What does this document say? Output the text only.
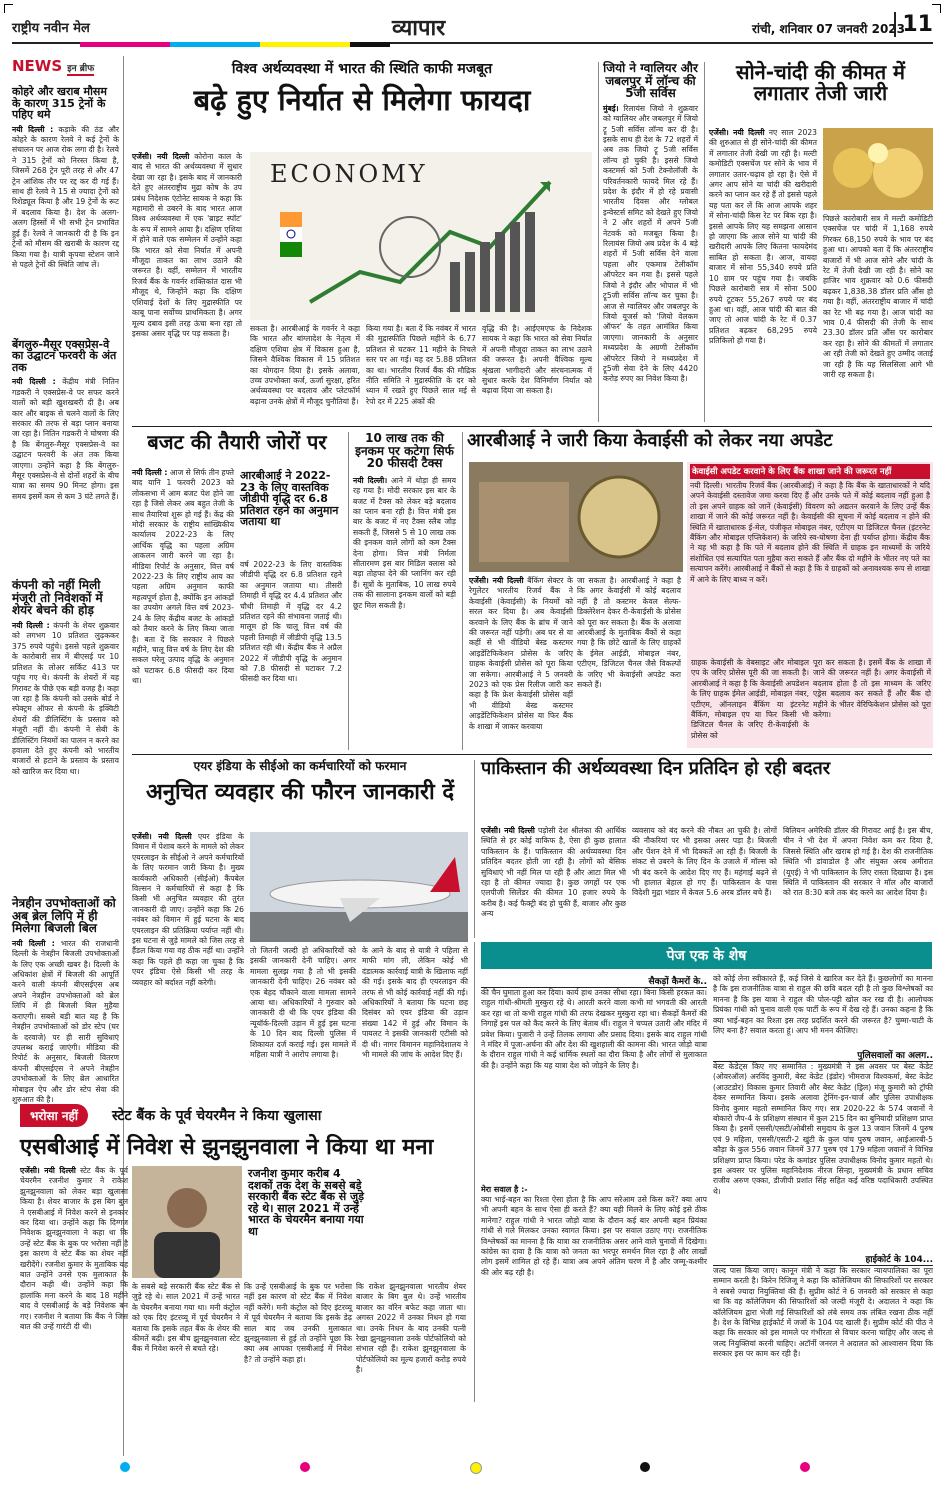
राष्ट्रीय नवीन मेल	व्यापार	रांची, शनिवार 07 जनवरी 2023
11
NEWS इन ब्रीफ
कोहरे और खराब मौसम के कारण 315 ट्रेनों के पहिए थमे
नयी दिल्ली : कड़ाके की ठंड और कोहरे के कारण रेलवे ने कई ट्रेनों के संचालन पर आज रोक लगा दी है। रेलवे ने 315 ट्रेनों को निरस्त किया है, जिसमें 268 ट्रेन पूरी तरह से और 47 ट्रेन आंशिक तौर पर रद्द कर दी गई हैं। साथ ही रेलवे ने 15 से ज्यादा ट्रेनों को रिशेड्यूल किया है और 19 ट्रेनों के रूट में बदलाव किया है। देश के अलग-अलग हिस्सों में भी सभी ट्रेन प्रभावित हुई हैं। रेलवे ने जानकारी दी है कि इन ट्रेनों को मौसम की खराबी के कारण रद्द किया गया है। यात्री कृपया स्टेशन जाने से पहले ट्रेनों की स्थिति जांच लें।
बेंगलुरु-मैसूर एक्सप्रेस-वे का उद्घाटन फरवरी के अंत तक
नयी दिल्ली : केंद्रीय मंत्री नितिन गडकरी ने एक्सप्रेस-वे पर सफर करने वालों को बड़ी खुशखबरी दी है। अब कार और बाइक से चलने वालों के लिए सरकार की तरफ से बड़ा प्लान बनाया जा रहा है। नितिन गडकरी ने घोषणा की है कि बेंगलुरु-मैसूर एक्सप्रेस-वे का उद्घाटन फरवरी के अंत तक किया जाएगा। उन्होंने कहा है कि बेंगलुरु-मैसूर एक्सप्रेस-वे से दोनों शहरों के बीच यात्रा का समय 90 मिनट होगा। इस समय इसमें कम से कम 3 घंटे लगते हैं।
कंपनी को नहीं मिली मंजूरी तो निवेशकों में शेयर बेचने की होड़
नयी दिल्ली : कंपनी के शेयर शुक्रवार को लगभग 10 प्रतिशत लुढ़ककर 375 रुपये पहुंचे। इससे पहले शुक्रवार के कारोबारी सत्र में बीएसई पर 10 प्रतिशत के लोअर सर्किट 413 पर पहुंच गए थे। कंपनी के शेयरों में यह गिरावट के पीछे एक बड़ी वजह है। कहा जा रहा है कि कंपनी को उसके बोर्ड ने स्पेक्ट्रम ऑफर से कंपनी के इक्विटी शेयरों की डीलिस्टिंग के प्रस्ताव को मंजूरी नहीं दी। कंपनी ने सेबी के डीलिस्टिंग नियमों का पालन न करने का हवाला देते हुए कंपनी को भारतीय बाजारों से हटाने के प्रस्ताव के प्रस्ताव को खारिज कर दिया था।
नेत्रहीन उपभोक्ताओं को अब ब्रेल लिपि में ही मिलेगा बिजली बिल
नयी दिल्ली : भारत की राजधानी दिल्ली के नेत्रहीन बिजली उपभोक्ताओं के लिए एक अच्छी खबर है। दिल्ली के अधिकांश क्षेत्रों में बिजली की आपूर्ति करने वाली कंपनी बीएसईएस अब अपने नेत्रहीन उपभोक्ताओं को ब्रेल लिपि में ही बिजली बिल मुहैया कराएगी। सबसे बड़ी बात यह है कि नेत्रहीन उपभोक्ताओं को डोर स्टेप (घर के दरवाजे) पर ही सारी सुविधाएं उपलब्ध कराई जाएंगी। मीडिया की रिपोर्ट के अनुसार, बिजली वितरण कंपनी बीएसईएस ने अपने नेत्रहीन उपभोक्ताओं के लिए ब्रेल आधारित मोबाइल ऐप और डोर स्टेप सेवा की शुरुआत की है।
विश्व अर्थव्यवस्था में भारत की स्थिति काफी मजबूत
बढ़े हुए निर्यात से मिलेगा फायदा
एजेंसी। नयी दिल्ली कोरोना काल के बाद से भारत की अर्थव्यवस्था में सुधार देखा जा रहा है। इसके बाद में जानकारी देते हुए अंतरराष्ट्रीय मुद्रा कोष के उप प्रबंध निदेशक एंटोनेट सायक ने कहा कि महामारी से उबरने के बाद भारत आज विश्व अर्थव्यवस्था में एक 'ब्राइट स्पॉट' के रूप में सामने आया है। दक्षिण एशिया में होने वाले एक सम्मेलन में उन्होंने कहा कि भारत को सेवा निर्यात में अपनी मौजूदा ताकत का लाभ उठाने की जरूरत है। वहीं, सम्मेलन में भारतीय रिजर्व बैंक के गवर्नर शक्तिकांत दास भी मौजूद थे, जिन्होंने कहा कि दक्षिण एशियाई देशों के लिए मुद्रास्फीति पर काबू पाना सर्वोच्च प्राथमिकता है। अगर मूल्य दबाव इसी तरह ऊंचा बना रहा तो इसका असर वृद्धि पर पड़ सकता है।
ECONOMY
सकता है। आरबीआई के गवर्नर ने कहा कि भारत और बांग्लादेश के नेतृत्व में दक्षिण एशिया क्षेत्र में विकास हुआ है, जिसने वैश्विक विकास में 15 प्रतिशत का योगदान दिया है। इसके अलावा, उच्च उपभोक्ता कर्ज, ऊर्जा सुरक्षा, हरित अर्थव्यवस्था पर बदलाव और प्लेटफॉर्म बढ़ाना उनके क्षेत्रों में मौजूद चुनौतियां हैं।
किया गया है। बता दें कि नवंबर में भारत की मुद्रास्फीति पिछले महीने के 6.77 प्रतिशत से घटकर 11 महीने के निचले स्तर पर आ गई। यह दर 5.88 प्रतिशत का था। भारतीय रिजर्व बैंक की मौद्रिक नीति समिति ने मुद्रास्फीति के दर को ध्यान में रखते हुए पिछले साल मई से रेपो दर में 225 अंकों की
वृद्धि की है। आईएमएफ के निदेशक सायक ने कहा कि भारत को सेवा निर्यात में अपनी मौजूदा ताकत का लाभ उठाने की जरूरत है। अपनी वैश्विक मूल्य श्रृंखला भागीदारी और संरचनात्मक में सुधार करके देश विनिर्माण निर्यात को बढ़ावा दिया जा सकता है।
जियो ने ग्वालियर और जबलपुर में लॉन्च की 5जी सर्विस
मुंबई। रिलायंस जियो ने शुक्रवार को ग्वालियर और जबलपुर में जियो ट्रू 5जी सर्विस लॉन्च कर दी है। इसके साथ ही देश के 72 शहरों में अब तक जियो ट्रू 5जी सर्विस लॉन्च हो चुकी है। इससे जियो कस्टमर्स को 5जी टेक्नोलॉजी के परिवर्तनकारी फायदे मिल रहे हैं। प्रदेश के इंदौर में हो रहे प्रवासी भारतीय दिवस और ग्लोबल इन्वेस्टर्स समिट को देखते हुए जियो ने 2 और शहरों में अपने 5जी नेटवर्क को मजबूत किया है। रिलायंस जियो अब प्रदेश के 4 बड़े शहरों में 5जी सर्विस देने वाला पहला और एकमात्र टेलीकॉम ऑपरेटर बन गया है। इससे पहले जियो ने इंदौर और भोपाल में भी ट्रू5जी सर्विस लॉन्च कर चुका है। आज से ग्वालियर और जबलपुर के जियो यूजर्स को 'जियो वेलकम ऑफर' के तहत आमंत्रित किया जाएगा। जानकारी के अनुसार मध्यप्रदेश के अग्रणी टेलीकॉम ऑपरेटर जियो ने मध्यप्रदेश में ट्रू5जी सेवा देने के लिए 4420 करोड़ रुपए का निवेश किया है।
सोने-चांदी की कीमत में लगातार तेजी जारी
एजेंसी। नयी दिल्ली नए साल 2023 की शुरुआत से ही सोने-चांदी की कीमत में लगातार तेजी देखी जा रही है। मल्टी कमोडिटी एक्सचेंज पर सोने के भाव में लगातार उतार-चढ़ाव हो रहा है। ऐसे में अगर आप सोने या चांदी की खरीदारी करने का प्लान कर रहे हैं तो इससे पहले यह पता कर लें कि आज आपके शहर में सोना-चांदी किस रेट पर बिक रहा है। इससे आपके लिए यह समझना आसान हो जाएगा कि आज सोने या चांदी की खरीदारी आपके लिए कितना फायदेमंद साबित हो सकता है। आज, वायदा बाजार में सोना 55,340 रुपये प्रति 10 ग्राम पर पहुंच गया है। जबकि पिछले कारोबारी सत्र में सोना 500 रुपये टूटकर 55,267 रुपये पर बंद हुआ था। वहीं, आज चांदी की बात की जाए तो आज चांदी के रेट में 0.37 प्रतिशत बढ़कर 68,295 रुपये प्रतिकिलो हो गया है।
पिछले कारोबारी सत्र में मल्टी कमोडिटी एक्सचेंज पर चांदी में 1,168 रुपये गिरकर 68,150 रुपये के भाव पर बंद हुआ था। आपको बता दें कि अंतरराष्ट्रीय बाजारों में भी आज सोने और चांदी के रेट में तेजी देखी जा रही है। सोने का हाजिर भाव शुक्रवार को 0.6 फीसदी बढ़कर 1,838.38 डॉलर प्रति औंस हो गया है। वहीं, अंतरराष्ट्रीय बाजार में चांदी का रेट भी बढ़ गया है। आज चांदी का भाव 0.4 फीसदी की तेजी के साथ 23.30 डॉलर प्रति औंस पर कारोबार कर रहा है। सोने की कीमतों में लगातार आ रही तेजी को देखते हुए उम्मीद जताई जा रही है कि यह सिलसिला आगे भी जारी रह सकता है।
बजट की तैयारी जोरों पर
नयी दिल्ली : आज से सिर्फ तीन हफ्ते बाद यानि 1 फरवरी 2023 को लोकसभा में आम बजट पेश होने जा रहा है जिसे लेकर अब बहुत तेजी के साथ तैयारियां शुरू हो गई हैं। केंद्र की मोदी सरकार के राष्ट्रीय सांख्यिकीय कार्यालय 2022-23 के लिए आर्थिक वृद्धि का पहला अग्रिम आकलन जारी करने जा रहा है। मीडिया रिपोर्ट के अनुसार, वित्त वर्ष 2022-23 के लिए राष्ट्रीय आय का पहला अग्रिम अनुमान काफी महत्वपूर्ण होता है, क्योंकि इन आंकड़ों का उपयोग अगले वित्त वर्ष 2023-24 के लिए केंद्रीय बजट के आंकड़ों को तैयार करने के लिए किया जाता है। बता दें कि सरकार ने पिछले महीने, चालू वित्त वर्ष के लिए देश की सकल घरेलू उत्पाद वृद्धि के अनुमान को घटाकर 6.8 फीसदी कर दिया था।
आरबीआई ने 2022-23 के लिए वास्तविक जीडीपी वृद्धि दर 6.8 प्रतिशत रहने का अनुमान जताया था
वर्ष 2022-23 के लिए वास्तविक जीडीपी वृद्धि दर 6.8 प्रतिशत रहने का अनुमान जताया था। तीसरी तिमाही में वृद्धि दर 4.4 प्रतिशत और चौथी तिमाही में वृद्धि दर 4.2 प्रतिशत रहने की संभावना जताई थी। मालूम हो कि चालू वित्त वर्ष की पहली तिमाही में जीडीपी वृद्धि 13.5 प्रतिशत रही थी। केंद्रीय बैंक ने अप्रैल 2022 में जीडीपी वृद्धि के अनुमान को 7.8 फीसदी से घटाकर 7.2 फीसदी कर दिया था।
10 लाख तक की इनकम पर कटेगा सिर्फ 20 फीसदी टैक्स
नयी दिल्ली। आने में थोड़ा ही समय रह गया है। मोदी सरकार इस बार के बजट में टैक्स को लेकर बड़े बदलाव का प्लान बना रही है। वित्त मंत्री इस बार के बजट में नए टैक्स स्लैब जोड़ सकती हैं, जिससे 5 से 10 लाख तक की इनकम वाले लोगों को कम टैक्स देना होगा। वित्त मंत्री निर्मला सीतारमण इस बार मिडिल क्लास को बड़ा तोहफा देने की प्लानिंग कर रही हैं। सूत्रों के मुताबिक, 10 लाख रुपये तक की सालाना इनकम वालों को बड़ी छूट मिल सकती है।
आरबीआई ने जारी किया केवाईसी को लेकर नया अपडेट
एजेंसी। नयी दिल्ली बैंकिंग सेक्टर के रेगुलेटर भारतीय रिजर्व बैंक ने केवाईसी (केवाईसी) के नियमों को सरल कर दिया है। अब केवाईसी करवाने के लिए बैंक के ब्रांच में जाने की जरूरत नहीं पड़ेगी। अब घर से या कहीं से भी वीडियो बेस्ड कस्टमर आइडेंटिफिकेशन प्रोसेस के जरिए ग्राहक केवाईसी प्रोसेस को पूरा किया जा सकेगा। आरबीआई ने 5 जनवरी 2023 को एक प्रेस रिलीज जारी कर कहा है कि फ्रेश केवाईसी प्रोसेस वहीं भी वीडियो बेस्ड कस्टमर आइडेंटिफिकेशन प्रोसेस या फिर बैंक के शाखा में जाकर करवाया
जा सकता है। आरबीआई ने कहा है कि अगर केवाईसी में कोई बदलाव नहीं है तो कस्टमर केवल सेल्फ-डिक्लेरेशन देकर री-केवाईसी के प्रोसेस को पूरा कर सकता है। बैंक के अलावा आरबीआई के मुताबिक बैंकों से कहा गया है कि छोटे खातों के लिए ग्राहकों के ईमेल आईडी, मोबाइल नंबर, एटीएम, डिजिटल चैनल जैसे विकल्पों के जरिए भी केवाईसी अपडेट करा सकते हैं।
केवाईसी अपडेट करवाने के लिए बैंक शाखा जाने की जरूरत नहीं
नयी दिल्ली। भारतीय रिजर्व बैंक (आरबीआई) ने कहा है कि बैंक के खाताधारकों ने यदि अपने केवाईसी दस्तावेज जमा करवा दिए हैं और उनके पते में कोई बदलाव नहीं हुआ है तो इस अपने ग्राहक को जानें (केवाईसी) विवरण को अद्यतन करवाने के लिए उन्हें बैंक शाखा में जाने की कोई जरूरत नहीं है। केवाईसी की सूचना में कोई बदलाव न होने की स्थिति में खाताधारक ई-मेल, पंजीकृत मोबाइल नंबर, एटीएम या डिजिटल चैनल (इंटरनेट बैंकिंग और मोबाइल एप्लिकेशन) के जरिये स्व-घोषणा देना ही पर्याप्त होगा। केंद्रीय बैंक ने यह भी कहा है कि पते में बदलाव होने की स्थिति में ग्राहक इन माध्यमों के जरिये संशोधित एवं सत्यापित पता मुहैया करा सकते हैं और बैंक दो महीने के भीतर नए पते का सत्यापन करेंगे। आरबीआई ने बैंकों से कहा है कि वे ग्राहकों को अनावश्यक रूप से शाखा में आने के लिए बाध्य न करें।
ग्राहक केवाईसी के वेबसाइट और मोबाइल एप के जरिए प्रोसेस पूरी की जा सकती है। आरबीआई ने कहा है कि केवाईसी अपडेशन के लिए ग्राहक ईमेल आईडी, मोबाइल नंबर, एटीएम, ऑनलाइन बैंकिंग या इंटरनेट बैंकिंग, मोबाइल एप या फिर किसी भी डिजिटल चैनल के जरिए री-केवाईसी के प्रोसेस को
पूरा कर सकता है। इसमें बैंक के शाखा में जाने की जरूरत नहीं है। अगर केवाईसी में बदलाव होता है तो इस माध्यम के जरिए एड्रेस बदलाव कर सकते हैं और बैंक दो महीने के भीतर वेरिफिकेशन प्रोसेस को पूरा करेगा।
एयर इंडिया के सीईओ का कर्मचारियों को फरमान
अनुचित व्यवहार की फौरन जानकारी दें
एजेंसी। नयी दिल्ली एयर इंडिया के विमान में पेशाब करने के मामले को लेकर एयरलाइन के सीईओ ने अपने कर्मचारियों के लिए फरमान जारी किया है। मुख्य कार्यकारी अधिकारी (सीईओ) कैंपबेल विल्सन ने कर्मचारियों से कहा है कि किसी भी अनुचित व्यवहार की तुरंत जानकारी दी जाए। उन्होंने कहा कि 26 नवंबर को विमान में हुई घटना के बाद एयरलाइन की प्रतिक्रिया पर्याप्त नहीं थी। इस घटना से जुड़े मामले को जिस तरह से हैंडल किया गया वह ठीक नहीं था। उन्होंने कहा कि पहले ही कहा जा चुका है कि एयर इंडिया ऐसे किसी भी तरह के व्यवहार को बर्दाश्त नहीं करेगी।
तो जितनी जल्दी हो अधिकारियों को इसकी जानकारी देनी चाहिए। अगर मामला सुलझ गया है तो भी इसकी जानकारी देनी चाहिए। 26 नवंबर को एक बेहद चौंकाने वाला मामला सामने आया था। अधिकारियों ने गुरुवार को जानकारी दी थी कि एयर इंडिया की न्यूयॉर्क-दिल्ली उड़ान में हुई इस घटना के 10 दिन बाद दिल्ली पुलिस में शिकायत दर्ज कराई गई। इस मामले में महिला यात्री ने आरोप लगाया है।
के आने के बाद से यात्री ने पहिला से माफी मांग ली, लेकिन कोई भी दंडात्मक कार्रवाई यात्री के खिलाफ नहीं की गई। इसके बाद ही एयरलाइन की तरफ से भी कोई कार्रवाई नहीं की गई। अधिकारियों ने बताया कि घटना छह दिसंबर को एयर इंडिया की उड़ान संख्या 142 में हुई और विमान के पायलट ने इसकी जानकारी एटीसी को दी थी। नागर विमानन महानिदेशालय ने भी मामले की जांच के आदेश दिए हैं।
पाकिस्तान की अर्थव्यवस्था दिन प्रतिदिन हो रही बदतर
एजेंसी। नयी दिल्ली पड़ोसी देश श्रीलंका की आर्थिक स्थिति से हर कोई वाकिफ है, ऐसा ही कुछ हालात पाकिस्तान के हैं। पाकिस्तान की अर्थव्यवस्था दिन प्रतिदिन बदतर होती जा रही है। लोगों को बेसिक सुविधाएं भी नहीं मिल पा रही हैं और आटा मिल भी रहा है तो कीमत ज्यादा है। कुछ जगहों पर एक एलपीजी सिलेंडर की कीमत 10 हजार रुपये के करीब है। कई फैक्ट्री बंद हो चुकी हैं, बाजार और कुछ अन्य
व्यवसाय को बंद करने की नौबत आ चुकी है। लोगों की नौकरियां पर भी इसका असर पड़ा है। बिजली और पेंशन देने में भी दिक्कतें आ रही हैं। बिजली के संकट से उबरने के लिए दिन के उजाले में मॉल्स को भी बंद करने के आदेश दिए गए हैं। महंगाई बढ़ने से भी हालात बेहाल हो गए हैं। पाकिस्तान के पास विदेशी मुद्रा भंडार में केवल 5.6 अरब डॉलर बचे हैं।
बिलियन अमेरिकी डॉलर की गिरावट आई है। इस बीच, चीन ने भी देश में अपना निवेश कम कर दिया है, जिससे स्थिति और खराब हो गई है। देश की राजनीतिक स्थिति भी डांवाडोल है और संयुक्त अरब अमीरात (यूएई) ने भी पाकिस्तान के लिए रास्ता दिखाया है। इस स्थिति में पाकिस्तान की सरकार ने मॉल और बाजारों को रात 8:30 बजे तक बंद करने का आदेश दिया है।
पेज एक के शेष
सैकड़ों कैमरों के..
की चैन घुमाता हुआ कर दिया। कार्य हाथ उनका सीधा रहा। बिना किसी हरकत का। राहुल गांधी-श्रीमती मुस्कुरा रहे थे। आरती करने वाला कभी मां भगवती की आरती कर रहा था तो कभी राहुल गांधी की तरफ देखकर मुस्कुरा रहा था। सैकड़ों कैमरों की निगाहें इस पल को कैद करने के लिए बेताब थीं। राहुल ने चप्पल उतारी और मंदिर में प्रवेश किया। पुजारी ने उन्हें तिलक लगाया और प्रसाद दिया। इसके बाद राहुल गांधी ने मंदिर में पूजा-अर्चना की और देश की खुशहाली की कामना की। भारत जोड़ो यात्रा के दौरान राहुल गांधी ने कई धार्मिक स्थलों का दौरा किया है और लोगों से मुलाकात की है। उन्होंने कहा कि यह यात्रा देश को जोड़ने के लिए है।
मेरा सवाल है :-
क्या भाई-बहन का रिश्ता ऐसा होता है कि आप सरेआम उसे किस करें? क्या आप भी अपनी बहन के साथ ऐसा ही करते हैं? क्या यही मिलने के लिए कोई इसे ठीक मानेगा? राहुल गांधी ने भारत जोड़ो यात्रा के दौरान कई बार अपनी बहन प्रियंका गांधी से गले मिलकर उनका स्वागत किया। इस पर सवाल उठाए गए। राजनीतिक विश्लेषकों का मानना है कि यात्रा का राजनीतिक असर आने वाले चुनावों में दिखेगा। कांग्रेस का दावा है कि यात्रा को जनता का भरपूर समर्थन मिल रहा है और लाखों लोग इसमें शामिल हो रहे हैं। यात्रा अब अपने अंतिम चरण में है और जम्मू-कश्मीर की ओर बढ़ रही है।
को कोई लेना स्वीकारते हैं, कई जिसे वे खारिज कर देते हैं। कुछलोगों का मानना है कि इस राजनीतिक यात्रा से राहुल की छवि बदल रही है तो कुछ विश्लेषकों का मानना है कि इस यात्रा ने राहुल की पोल-पट्टी खोल कर रख दी है। आलोचक प्रियंका गांधी को चुनाव वाली एक पार्टी के रूप में देख रहे हैं। उनका कहना है कि क्या भाई-बहन का रिश्ता इस तरह प्रदर्शित करने की जरूरत है? चुम्मा-चाटी के लिए बना है? सवाल करता हूं। आप भी मनन कीजिए।
पुलिसवालों का अलग..
बेस्ट केडेट्स किए गए सम्मानित : मुख्यमंत्री ने इस अवसर पर बेस्ट केडेट (ओवरऑल) अरविंद कुमारी, बेस्ट केडेट (इंडोर) भीमराज विश्वकर्मा, बेस्ट केडेट (आउटडोर) विकास कुमार तिवारी और बेस्ट केडेट (ड्रिल) मंजू कुमारी को ट्रॉफी देकर सम्मानित किया। इसके अलावा ट्रेनिंग-इन-चार्ज और पुलिस उपाधीक्षक विनोद कुमार महतो सम्मानित किए गए। सत्र 2020-22 के 574 जवानों ने बोकारो जैप-4 के प्रशिक्षण संस्थान में कुल 215 दिन का बुनियादी प्रशिक्षण प्राप्त किया है। इसमें एससी/एसटी/ओबीसी समुदाय के कुल 13 जवान जिनमें 4 पुरुष एवं 9 महिला, एससी/एसटी-2 खुंटी के कुल पांच पुरुष जवान, आईआरबी-5 कौड़ा के कुल 556 जवान जिनमें 377 पुरुष एवं 179 महिला जवानों ने विभिन्न प्रशिक्षण प्राप्त किया। परेड के कमांडर पुलिस उपाधीक्षक विनोद कुमार महतो थे। इस अवसर पर पुलिस महानिदेशक नीरज सिन्हा, मुख्यमंत्री के प्रधान सचिव राजीव अरुण एक्का, डीजीपी प्रशांत सिंह सहित कई वरिष्ठ पदाधिकारी उपस्थित थे।
हाईकोर्ट के 104...
जल्द पास किया जाए। कानून मंत्री ने कहा कि सरकार न्यायपालिका का पूरा सम्मान करती है। किरेन रिजिजू ने कहा कि कॉलेजियम की सिफारिशों पर सरकार ने सबसे ज्यादा नियुक्तियां की हैं। सुप्रीम कोर्ट ने 6 जनवरी को सरकार से कहा था कि वह कॉलेजियम की सिफारिशों को जल्दी मंजूरी दे। अदालत ने कहा कि कॉलेजियम द्वारा भेजी गई सिफारिशों को लंबे समय तक लंबित रखना ठीक नहीं है। देश के विभिन्न हाईकोर्ट में जजों के 104 पद खाली हैं। सुप्रीम कोर्ट की पीठ ने कहा कि सरकार को इस मामले पर गंभीरता से विचार करना चाहिए और जल्द से जल्द नियुक्तियां करनी चाहिए। अटॉर्नी जनरल ने अदालत को आश्वासन दिया कि सरकार इस पर काम कर रही है।
भरोसा नहीं	स्टेट बैंक के पूर्व चेयरमैन ने किया खुलासा
एसबीआई में निवेश से झुनझुनवाला ने किया था मना
एजेंसी। नयी दिल्ली स्टेट बैंक के पूर्व चेयरमैन रजनीश कुमार ने राकेश झुनझुनवाला को लेकर बड़ा खुलासा किया है। शेयर बाजार के इस बिग बुल ने एसबीआई में निवेश करने से इनकार कर दिया था। उन्होंने कहा कि दिग्गज निवेशक झुनझुनवाला ने कहा था कि उन्हें स्टेट बैंक के बुक पर भरोसा नहीं है इस कारण वे स्टेट बैंक का शेयर नहीं खरीदेंगे। रजनीश कुमार के मुताबिक यह बात उन्होंने उनसे एक मुलाकात के दौरान कही थी। उन्होंने कहा कि हालांकि मना करने के बाद 18 महीने बाद वे एसबीआई के बड़े निवेशक बन गए। रजनीश ने बताया कि बैंक ने जिस बात की उन्हें गारंटी दी थी।
रजनीश कुमार करीब 4 दशकों तक देश के सबसे बड़े सरकारी बैंक स्टेट बैंक से जुड़े रहे थे। साल 2021 में उन्हें भारत के चेयरमैन बनाया गया था
के सबसे बड़े सरकारी बैंक स्टेट बैंक से जुड़े रहे थे। साल 2021 में उन्हें भारत के चेयरमैन बनाया गया था। मनी कंट्रोल को एक दिए इंटरव्यू में पूर्व चेयरमैन ने बताया कि इसके तहत बैंक के शेयर की कीमतें बढ़ी। इस बीच झुनझुनवाला स्टेट बैंक में निवेश करने से बचते रहे।
कि उन्हें एसबीआई के बुक पर भरोसा नहीं इस कारण वो स्टेट बैंक में निवेश नहीं करेंगे। मनी कंट्रोल को दिए इंटरव्यू में पूर्व चेयरमैन ने बताया कि इसके डेढ़ साल बाद जब उनकी मुलाकात झुनझुनवाला से हुई तो उन्होंने पूछा कि क्या अब आपका एसबीआई में निवेश है? तो उन्होंने कहा हां।
कि राकेश झुनझुनवाला भारतीय शेयर बाजार के बिग बुल थे। उन्हें भारतीय बाजार का वॉरेन बफेट कहा जाता था। अगस्त 2022 में उनका निधन हो गया था। उनके निधन के बाद उनकी पत्नी रेखा झुनझुनवाला उनके पोर्टफोलियो को संभाल रही हैं। राकेश झुनझुनवाला के पोर्टफोलियो का मूल्य हजारों करोड़ रुपये है।
